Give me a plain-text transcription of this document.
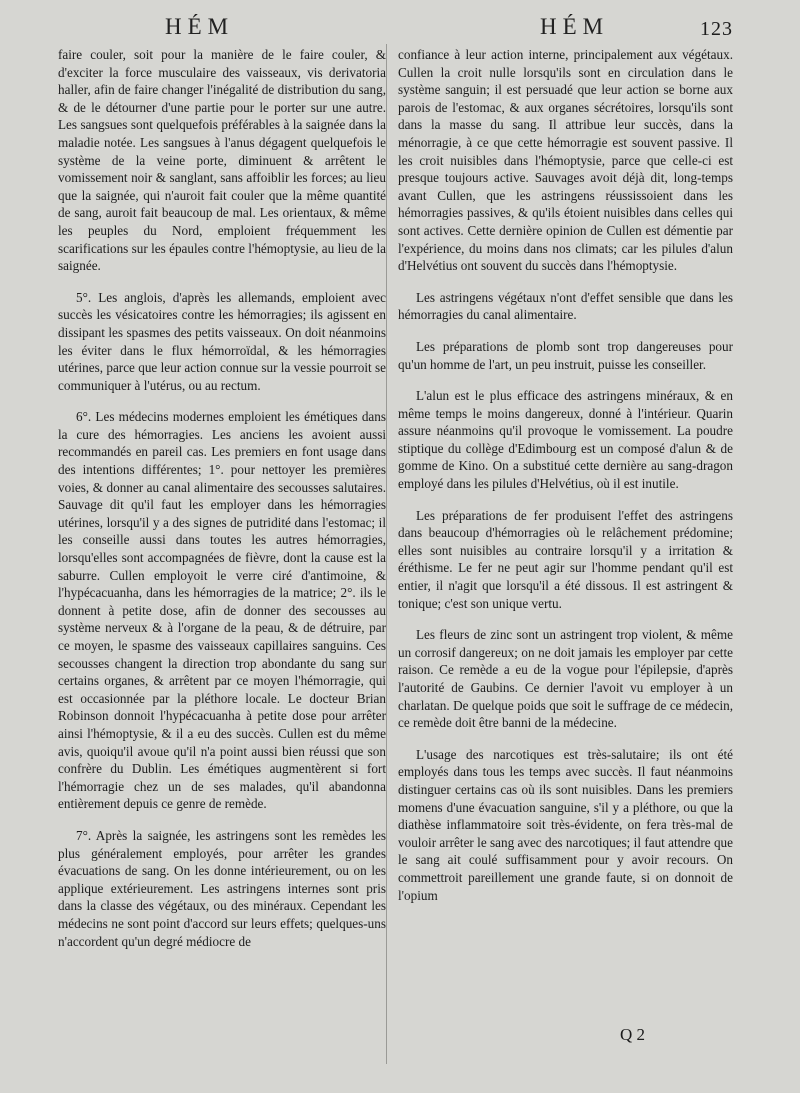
HÉM	HÉM	123

faire couler, soit pour la manière de le faire couler, & d'exciter la force musculaire des vaisseaux, vis derivatoria haller, afin de faire changer l'inégalité de distribution du sang, & de le détourner d'une partie pour le porter sur une autre. Les sangsues sont quelquefois préférables à la saignée dans la maladie notée. Les sangsues à l'anus dégagent quelquefois le système de la veine porte, diminuent & arrêtent le vomissement noir & sanglant, sans affoiblir les forces; au lieu que la saignée, qui n'auroit fait couler que la même quantité de sang, auroit fait beaucoup de mal. Les orientaux, & même les peuples du Nord, emploient fréquemment les scarifications sur les épaules contre l'hémoptysie, au lieu de la saignée.

5°. Les anglois, d'après les allemands, emploient avec succès les vésicatoires contre les hémorragies; ils agissent en dissipant les spasmes des petits vaisseaux. On doit néanmoins les éviter dans le flux hémorroïdal, & les hémorragies utérines, parce que leur action connue sur la vessie pourroit se communiquer à l'utérus, ou au rectum.

6°. Les médecins modernes emploient les émétiques dans la cure des hémorragies. Les anciens les avoient aussi recommandés en pareil cas. Les premiers en font usage dans des intentions différentes; 1°. pour nettoyer les premières voies, & donner au canal alimentaire des secousses salutaires. Sauvage dit qu'il faut les employer dans les hémorragies utérines, lorsqu'il y a des signes de putridité dans l'estomac; il les conseille aussi dans toutes les autres hémorragies, lorsqu'elles sont accompagnées de fièvre, dont la cause est la saburre. Cullen employoit le verre ciré d'antimoine, & l'hypécacuanha, dans les hémorragies de la matrice; 2°. ils le donnent à petite dose, afin de donner des secousses au système nerveux & à l'organe de la peau, & de détruire, par ce moyen, le spasme des vaisseaux capillaires sanguins. Ces secousses changent la direction trop abondante du sang sur certains organes, & arrêtent par ce moyen l'hémorragie, qui est occasionnée par la pléthore locale. Le docteur Brian Robinson donnoit l'hypécacuanha à petite dose pour arrêter ainsi l'hémoptysie, & il a eu des succès. Cullen est du même avis, quoiqu'il avoue qu'il n'a point aussi bien réussi que son confrère du Dublin. Les émétiques augmentèrent si fort l'hémorragie chez un de ses malades, qu'il abandonna entièrement depuis ce genre de remède.

7°. Après la saignée, les astringens sont les remèdes les plus généralement employés, pour arrêter les grandes évacuations de sang. On les donne intérieurement, ou on les applique extérieurement. Les astringens internes sont pris dans la classe des végétaux, ou des minéraux. Cependant les médecins ne sont point d'accord sur leurs effets; quelques-uns n'accordent qu'un degré médiocre de

confiance à leur action interne, principalement aux végétaux. Cullen la croit nulle lorsqu'ils sont en circulation dans le système sanguin; il est persuadé que leur action se borne aux parois de l'estomac, & aux organes sécrétoires, lorsqu'ils sont dans la masse du sang. Il attribue leur succès, dans la ménorragie, à ce que cette hémorragie est souvent passive. Il les croit nuisibles dans l'hémoptysie, parce que celle-ci est presque toujours active. Sauvages avoit déjà dit, long-temps avant Cullen, que les astringens réussissoient dans les hémorragies passives, & qu'ils étoient nuisibles dans celles qui sont actives. Cette dernière opinion de Cullen est démentie par l'expérience, du moins dans nos climats; car les pilules d'alun d'Helvétius ont souvent du succès dans l'hémoptysie.

Les astringens végétaux n'ont d'effet sensible que dans les hémorragies du canal alimentaire.

Les préparations de plomb sont trop dangereuses pour qu'un homme de l'art, un peu instruit, puisse les conseiller.

L'alun est le plus efficace des astringens minéraux, & en même temps le moins dangereux, donné à l'intérieur. Quarin assure néanmoins qu'il provoque le vomissement. La poudre stiptique du collège d'Edimbourg est un composé d'alun & de gomme de Kino. On a substitué cette dernière au sang-dragon employé dans les pilules d'Helvétius, où il est inutile.

Les préparations de fer produisent l'effet des astringens dans beaucoup d'hémorragies où le relâchement prédomine; elles sont nuisibles au contraire lorsqu'il y a irritation & éréthisme. Le fer ne peut agir sur l'homme pendant qu'il est entier, il n'agit que lorsqu'il a été dissous. Il est astringent & tonique; c'est son unique vertu.

Les fleurs de zinc sont un astringent trop violent, & même un corrosif dangereux; on ne doit jamais les employer par cette raison. Ce remède a eu de la vogue pour l'épilepsie, d'après l'autorité de Gaubins. Ce dernier l'avoit vu employer à un charlatan. De quelque poids que soit le suffrage de ce médecin, ce remède doit être banni de la médecine.

L'usage des narcotiques est très-salutaire; ils ont été employés dans tous les temps avec succès. Il faut néanmoins distinguer certains cas où ils sont nuisibles. Dans les premiers momens d'une évacuation sanguine, s'il y a pléthore, ou que la diathèse inflammatoire soit très-évidente, on fera très-mal de vouloir arrêter le sang avec des narcotiques; il faut attendre que le sang ait coulé suffisamment pour y avoir recours. On commettroit pareillement une grande faute, si on donnoit de l'opium

Q 2
